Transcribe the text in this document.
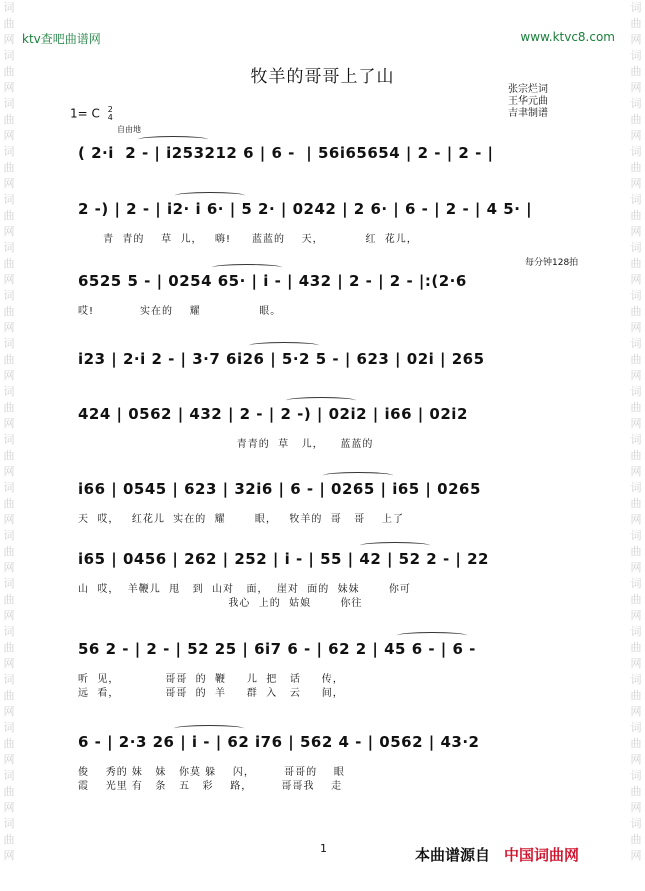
词
曲
网
词
曲
网
词
曲
网
词
曲
网
词
曲
网
词
曲
网
词
曲
网
词
曲
网
词
曲
网
词
曲
网
词
曲
网
词
曲
网
词
曲
网
词
曲
网
词
曲
网
词
曲
网
词
曲
网
词
曲
网
词
曲
网
词
曲
网
词
曲
网
词
曲
网
词
曲
网
词
曲
网
词
曲
网
词
曲
网
词
曲
网
词
曲
网
词
曲
网
词
曲
网
词
曲
网
词
曲
网
词
曲
网
词
曲
网
词
曲
网
词
曲
网
ktv查吧曲谱网	www.ktvc8.com
牧羊的哥哥上了山
张宗烂词
王华元曲
吉聿制谱
1= C 2
4
自由地
每分钟128拍
( 2·i  2 - | i253212 6 | 6 -  | 56i65654 | 2 - | 2 - |
2 -) | 2 - | i2· i 6· | 5 2· | 0242 | 2 6· | 6 - | 2 - | 4 5· |
青  青的    草  儿，   嗨!     蓝蓝的    天，          红  花儿，
6525 5 - | 0254 65· | i - | 432 | 2 - | 2 - |:(2·6
哎!           实在的    耀              眼。
i23 | 2·i 2 - | 3·7 6i26 | 5·2 5 - | 623 | 02i | 265
424 | 0562 | 432 | 2 - | 2 -) | 02i2 | i66 | 02i2
青青的  草   儿，    蓝蓝的
i66 | 0545 | 623 | 32i6 | 6 - | 0265 | i65 | 0265
天  哎，   红花儿  实在的  耀       眼，   牧羊的  哥   哥    上了
i65 | 0456 | 262 | 252 | i - | 55 | 42 | 52 2 - | 22
山  哎，  羊鞭儿  甩   到  山对   面，  崖对  面的  妹妹       你可
我心  上的  姑娘       你往
56 2 - | 2 - | 52 25 | 6i7 6 - | 62 2 | 45 6 - | 6 -
听  见，           哥哥  的  鞭     儿  把   话     传，
远  看，           哥哥  的  羊     群  入   云     间，
6 - | 2·3 26 | i - | 62 i76 | 562 4 - | 0562 | 43·2
俊    秀的 妹   妹   你莫 躲    闪，       哥哥的    眼
霞    光里 有   条   五   彩    路，       哥哥我    走
1	本曲谱源自 中国词曲网
